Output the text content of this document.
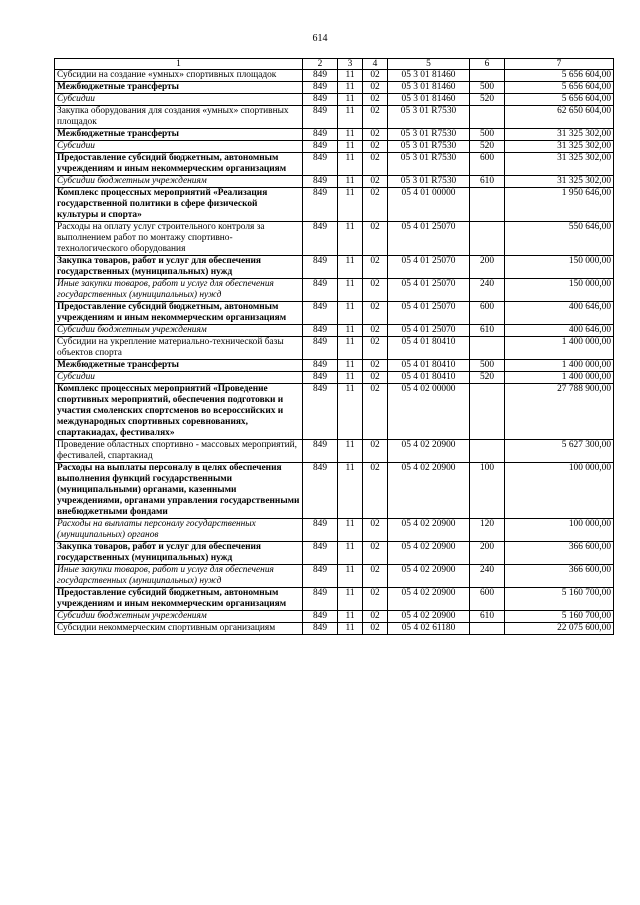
614
1	2	3	4	5	6	7
Субсидии на создание «умных» спортивных площадок	849	11	02	05 3 01 81460		5 656 604,00
Межбюджетные трансферты	849	11	02	05 3 01 81460	500	5 656 604,00
Субсидии	849	11	02	05 3 01 81460	520	5 656 604,00
Закупка оборудования для создания «умных» спортивных площадок	849	11	02	05 3 01 R7530		62 650 604,00
Межбюджетные трансферты	849	11	02	05 3 01 R7530	500	31 325 302,00
Субсидии	849	11	02	05 3 01 R7530	520	31 325 302,00
Предоставление субсидий бюджетным, автономным учреждениям и иным некоммерческим организациям	849	11	02	05 3 01 R7530	600	31 325 302,00
Субсидии бюджетным учреждениям	849	11	02	05 3 01 R7530	610	31 325 302,00
Комплекс процессных мероприятий «Реализация государственной политики в сфере физической культуры и спорта»	849	11	02	05 4 01 00000		1 950 646,00
Расходы на оплату услуг строительного контроля за выполнением работ по монтажу спортивно-технологического оборудования	849	11	02	05 4 01 25070		550 646,00
Закупка товаров, работ и услуг для обеспечения государственных (муниципальных) нужд	849	11	02	05 4 01 25070	200	150 000,00
Иные закупки товаров, работ и услуг для обеспечения государственных (муниципальных) нужд	849	11	02	05 4 01 25070	240	150 000,00
Предоставление субсидий бюджетным, автономным учреждениям и иным некоммерческим организациям	849	11	02	05 4 01 25070	600	400 646,00
Субсидии бюджетным учреждениям	849	11	02	05 4 01 25070	610	400 646,00
Субсидии на укрепление материально-технической базы объектов спорта	849	11	02	05 4 01 80410		1 400 000,00
Межбюджетные трансферты	849	11	02	05 4 01 80410	500	1 400 000,00
Субсидии	849	11	02	05 4 01 80410	520	1 400 000,00
Комплекс процессных мероприятий «Проведение спортивных мероприятий, обеспечения подготовки и участия смоленских спортсменов во всероссийских и международных спортивных соревнованиях, спартакиадах, фестивалях»	849	11	02	05 4 02 00000		27 788 900,00
Проведение областных спортивно - массовых мероприятий, фестивалей, спартакиад	849	11	02	05 4 02 20900		5 627 300,00
Расходы на выплаты персоналу в целях обеспечения выполнения функций государственными (муниципальными) органами, казенными учреждениями, органами управления государственными внебюджетными фондами	849	11	02	05 4 02 20900	100	100 000,00
Расходы на выплаты персоналу государственных (муниципальных) органов	849	11	02	05 4 02 20900	120	100 000,00
Закупка товаров, работ и услуг для обеспечения государственных (муниципальных) нужд	849	11	02	05 4 02 20900	200	366 600,00
Иные закупки товаров, работ и услуг для обеспечения государственных (муниципальных) нужд	849	11	02	05 4 02 20900	240	366 600,00
Предоставление субсидий бюджетным, автономным учреждениям и иным некоммерческим организациям	849	11	02	05 4 02 20900	600	5 160 700,00
Субсидии бюджетным учреждениям	849	11	02	05 4 02 20900	610	5 160 700,00
Субсидии некоммерческим спортивным организациям	849	11	02	05 4 02 61180		22 075 600,00
